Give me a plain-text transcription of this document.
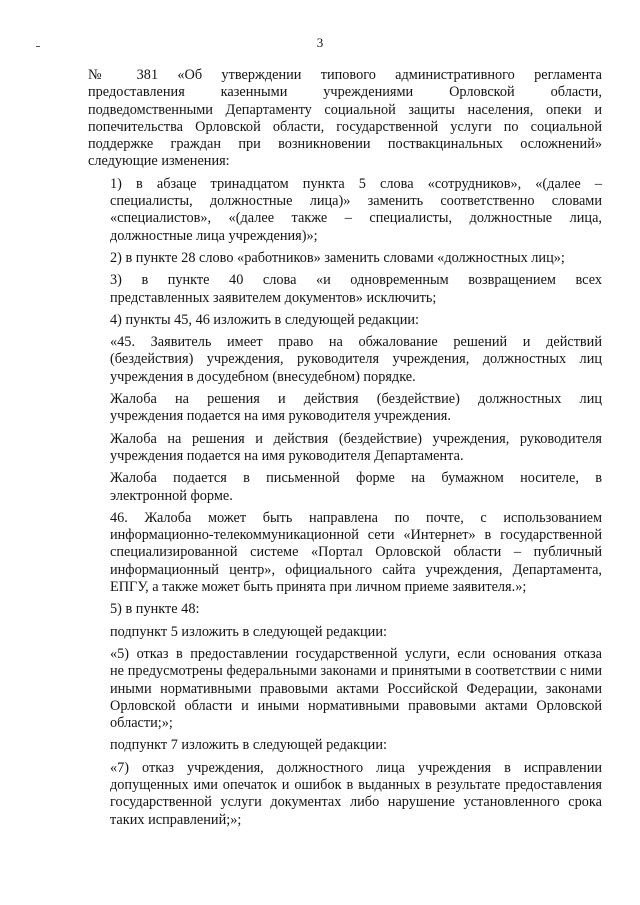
3
№ 381 «Об утверждении типового административного регламента
предоставления казенными учреждениями Орловской области,
подведомственными Департаменту социальной защиты населения, опеки и
попечительства Орловской области, государственной услуги по социальной
поддержке граждан при возникновении поствакцинальных осложнений»
следующие изменения:
1) в абзаце тринадцатом пункта 5 слова «сотрудников», «(далее –
специалисты, должностные лица)» заменить соответственно словами
«специалистов», «(далее также – специалисты, должностные лица,
должностные лица учреждения)»;
2) в пункте 28 слово «работников» заменить словами «должностных лиц»;
3) в пункте 40 слова «и одновременным возвращением всех
представленных заявителем документов» исключить;
4) пункты 45, 46 изложить в следующей редакции:
«45. Заявитель имеет право на обжалование решений и действий
(бездействия) учреждения, руководителя учреждения, должностных лиц
учреждения в досудебном (внесудебном) порядке.
Жалоба на решения и действия (бездействие) должностных лиц
учреждения подается на имя руководителя учреждения.
Жалоба на решения и действия (бездействие) учреждения, руководителя
учреждения подается на имя руководителя Департамента.
Жалоба подается в письменной форме на бумажном носителе, в
электронной форме.
46. Жалоба может быть направлена по почте, с использованием
информационно-телекоммуникационной сети «Интернет» в государственной
специализированной системе «Портал Орловской области – публичный
информационный центр», официального сайта учреждения, Департамента,
ЕПГУ, а также может быть принята при личном приеме заявителя.»;
5) в пункте 48:
подпункт 5 изложить в следующей редакции:
«5) отказ в предоставлении государственной услуги, если основания отказа
не предусмотрены федеральными законами и принятыми в соответствии с ними
иными нормативными правовыми актами Российской Федерации, законами
Орловской области и иными нормативными правовыми актами Орловской
области;»;
подпункт 7 изложить в следующей редакции:
«7) отказ учреждения, должностного лица учреждения в исправлении
допущенных ими опечаток и ошибок в выданных в результате предоставления
государственной услуги документах либо нарушение установленного срока
таких исправлений;»;
